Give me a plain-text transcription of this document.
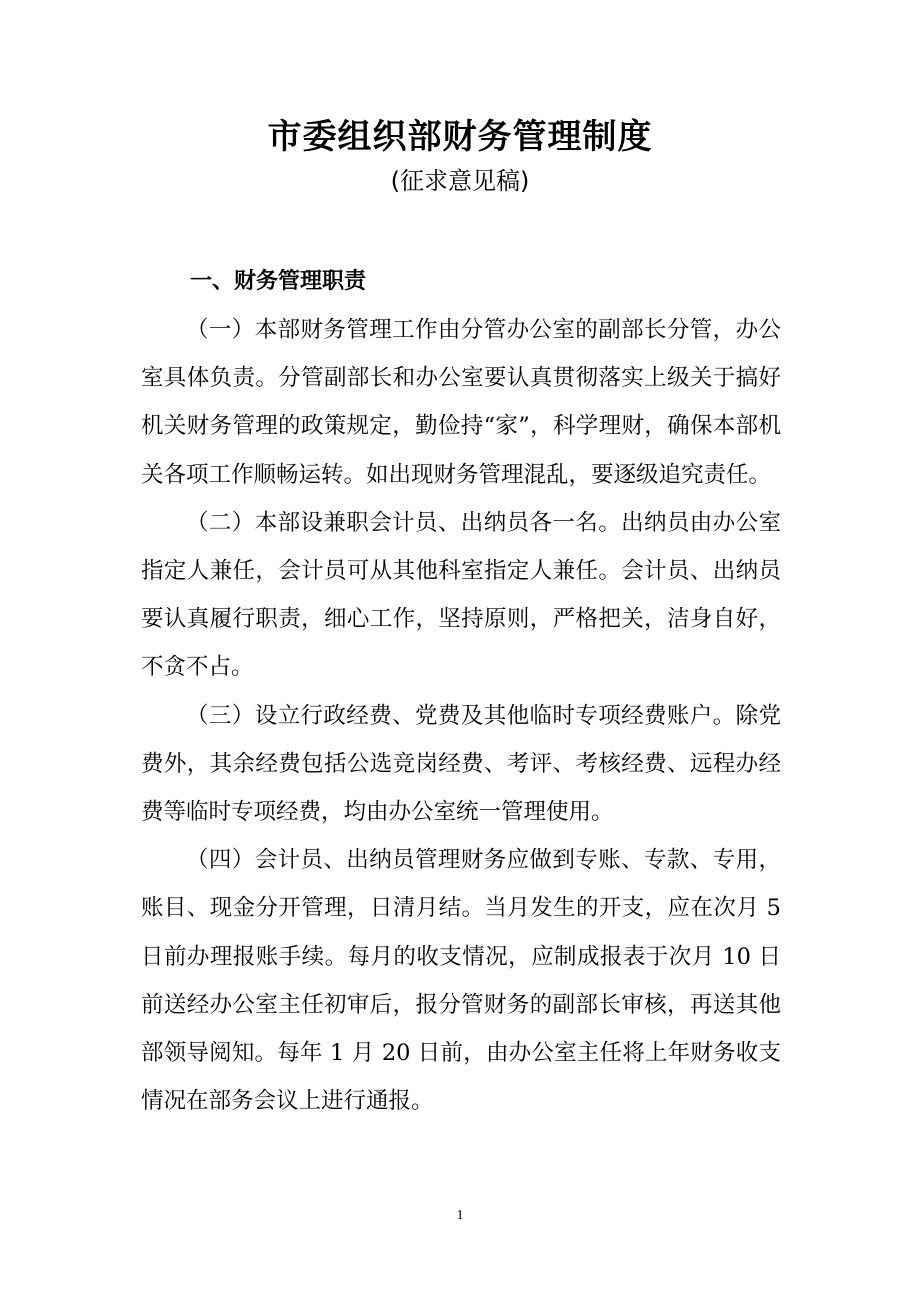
市委组织部财务管理制度
(征求意见稿)
一、财务管理职责

（一）本部财务管理工作由分管办公室的副部长分管，办公室具体负责。分管副部长和办公室要认真贯彻落实上级关于搞好机关财务管理的政策规定，勤俭持“家”，科学理财，确保本部机关各项工作顺畅运转。如出现财务管理混乱，要逐级追究责任。

（二）本部设兼职会计员、出纳员各一名。出纳员由办公室指定人兼任，会计员可从其他科室指定人兼任。会计员、出纳员要认真履行职责，细心工作，坚持原则，严格把关，洁身自好，不贪不占。

（三）设立行政经费、党费及其他临时专项经费账户。除党费外，其余经费包括公选竞岗经费、考评、考核经费、远程办经费等临时专项经费，均由办公室统一管理使用。

（四）会计员、出纳员管理财务应做到专账、专款、专用，账目、现金分开管理，日清月结。当月发生的开支，应在次月 5 日前办理报账手续。每月的收支情况，应制成报表于次月 10 日前送经办公室主任初审后，报分管财务的副部长审核，再送其他部领导阅知。每年 1 月 20 日前，由办公室主任将上年财务收支情况在部务会议上进行通报。

1
